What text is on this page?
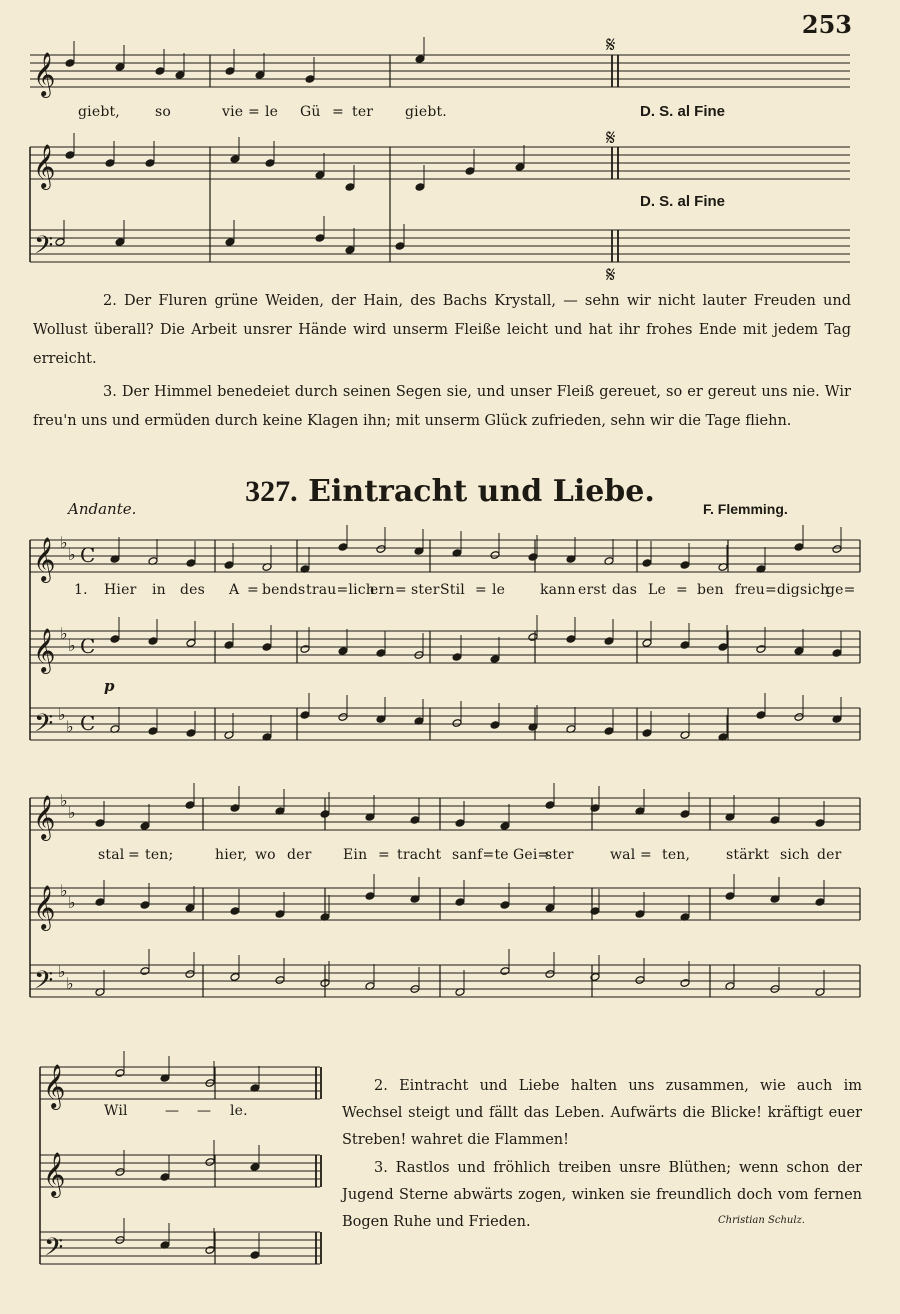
253
𝄞
𝄞
𝄢
𝄞
𝄞
𝄢
♭
♭ C
♭
♭ C
♭
♭ C
𝄞
𝄞
𝄢
♭
♭
♭
♭
♭
♭
𝄞
𝄞
𝄢
𝄋
𝄋
𝄋
giebt,	so	vie = le Gü = ter giebt.	D. S. al Fine
D. S. al Fine
2. Der Fluren grüne Weiden, der Hain, des Bachs Krystall, — sehn wir nicht lauter Freuden und Wollust überall? Die Arbeit unsrer Hände wird unserm Fleiße leicht und hat ihr frohes Ende mit jedem Tag erreicht.
3. Der Himmel benedeiet durch seinen Segen sie, und unser Fleiß gereuet, so er gereut uns nie. Wir freu'n uns und ermüden durch keine Klagen ihn; mit unserm Glück zufrieden, sehn wir die Tage fliehn.
327. Eintracht und Liebe.
Andante.	F. Flemming.
p
1. Hier in des A = bends trau=lich
ern = ster Stil = le kann erst das Le = ben freu=dig sich
ge=
stal = ten;	hier, wo der Ein = tracht sanf=te Gei=
ster	wal = ten,	stärkt sich der
Wil	— — le.
2. Eintracht und Liebe halten uns zusammen, wie auch im Wechsel steigt und fällt das Leben. Aufwärts die Blicke! kräftigt euer Streben! wahret die Flammen!
3. Rastlos und fröhlich treiben unsre Blüthen; wenn schon der Jugend Sterne abwärts zogen, winken sie freundlich doch vom fernen Bogen Ruhe und Frieden.	Christian Schulz.
